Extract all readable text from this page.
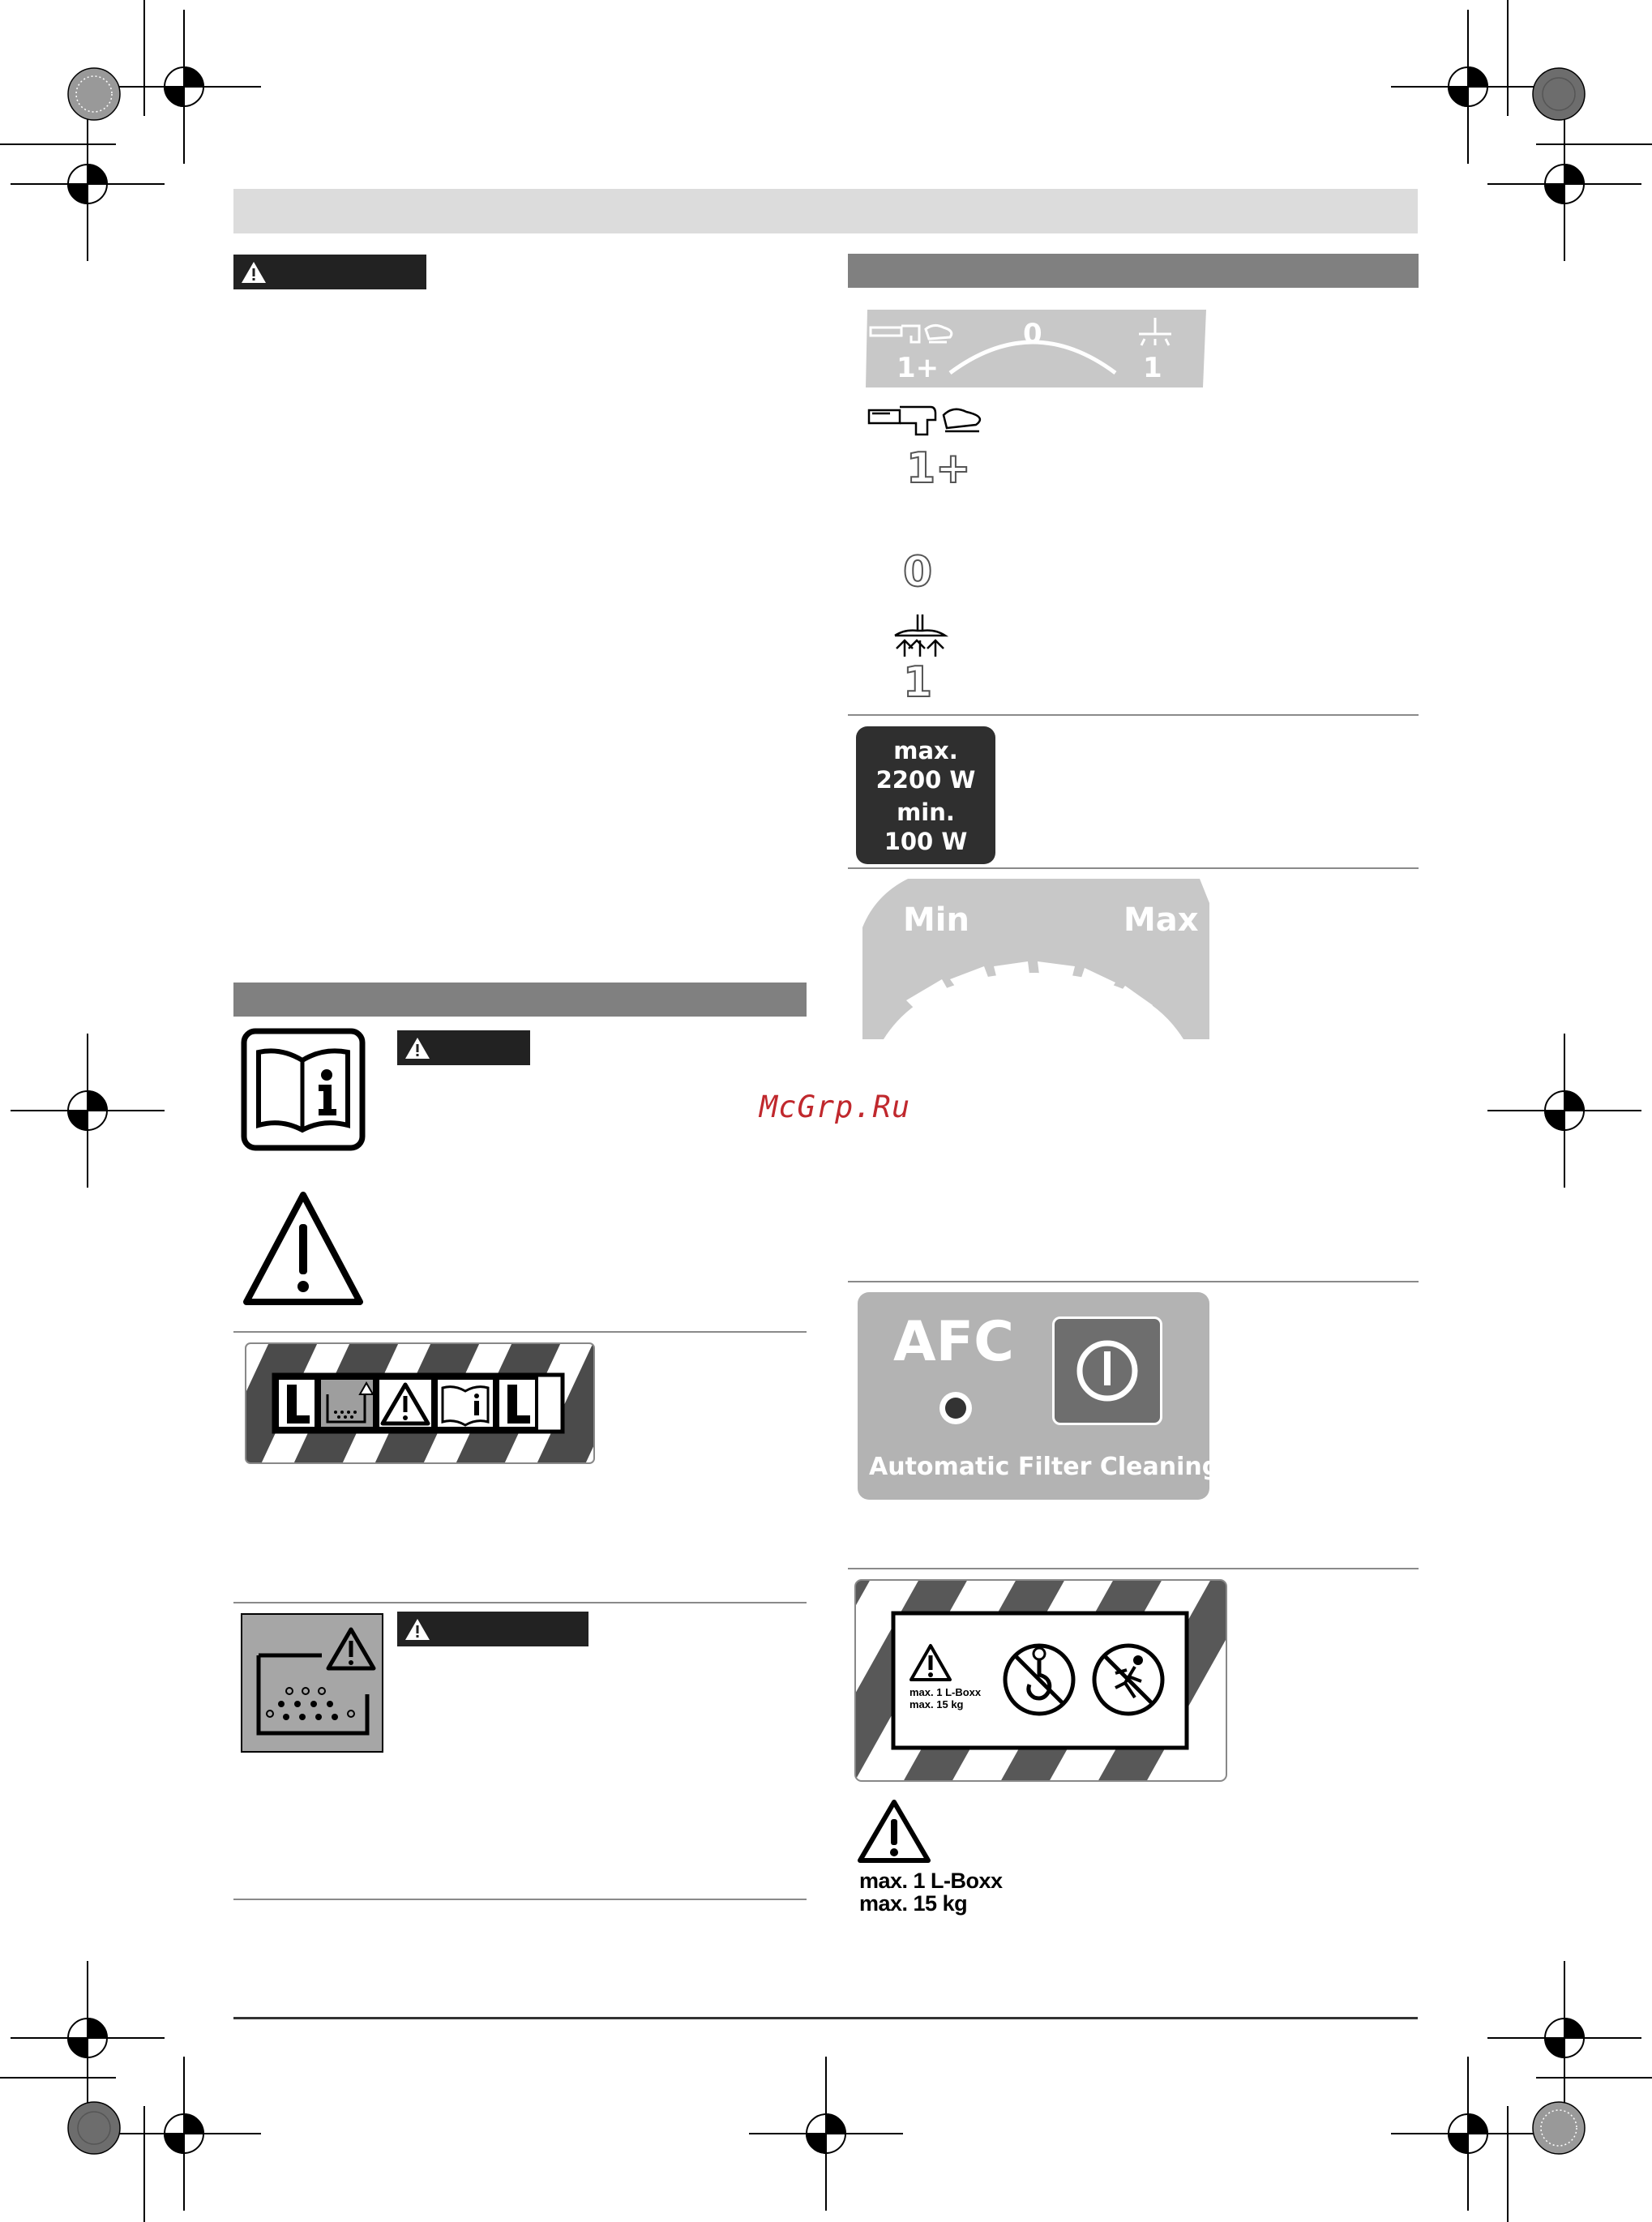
1+
0
1
1+
0
1
max.
2200 W
min.
100 W
Min	Max
McGrp.Ru
AFC
Automatic Filter Cleaning
max. 1 L-Boxx
max. 15 kg
max. 1 L-Boxx
max. 15 kg
